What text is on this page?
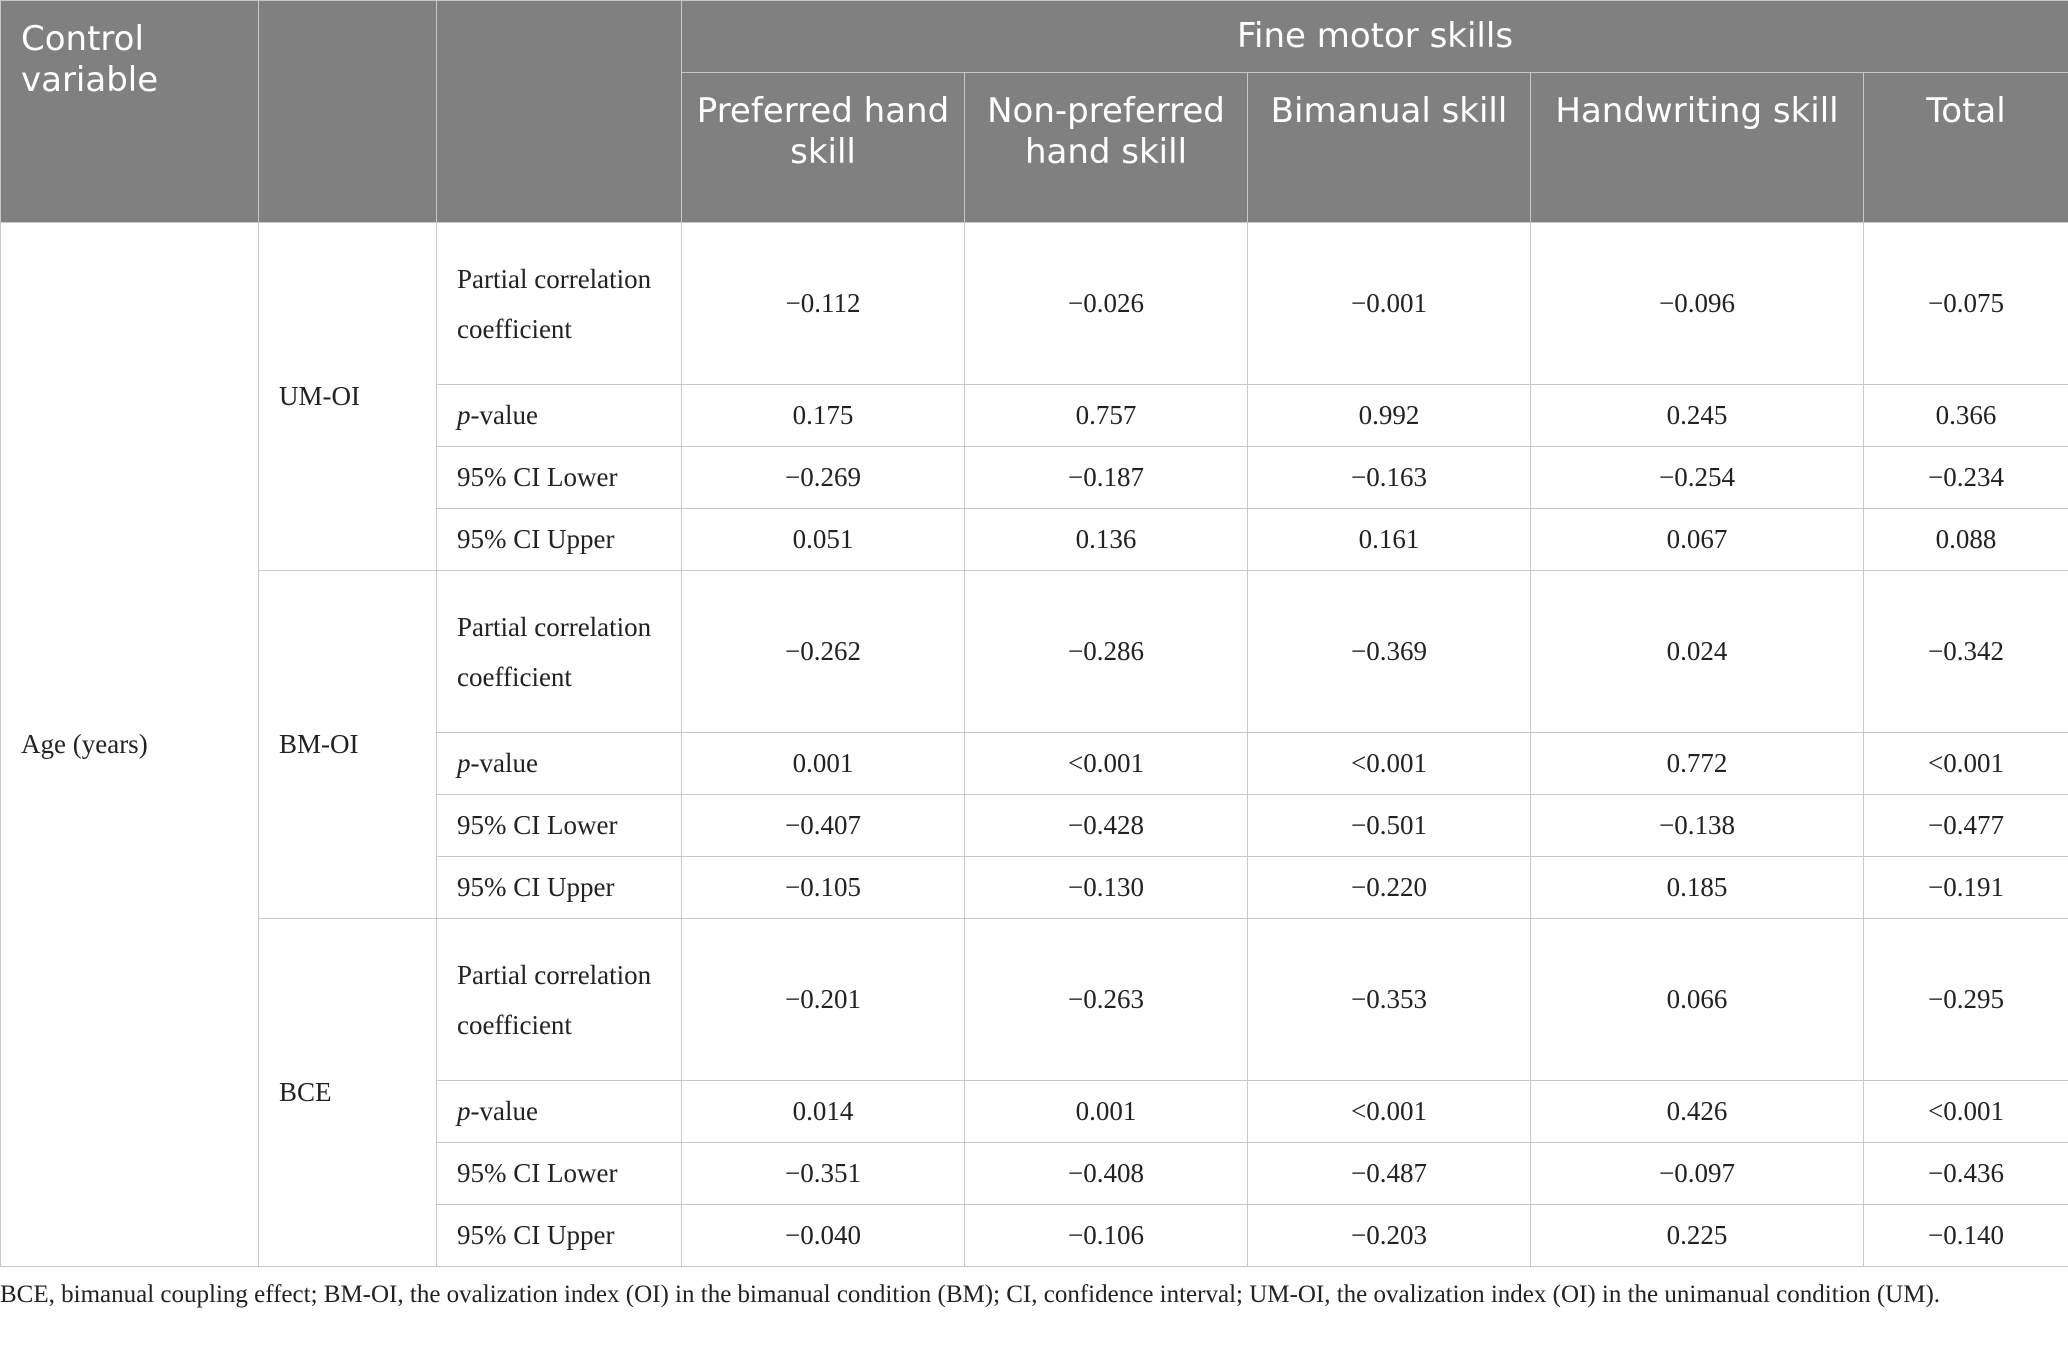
Control variable			Fine motor skills				
			Preferred hand skill	Non-preferred hand skill	Bimanual skill	Handwriting skill	Total
Age (years)	UM-OI	Partial correlation coefficient	−0.112	−0.026	−0.001	−0.096	−0.075
		p-value	0.175	0.757	0.992	0.245	0.366
		95% CI Lower	−0.269	−0.187	−0.163	−0.254	−0.234
		95% CI Upper	0.051	0.136	0.161	0.067	0.088
	BM-OI	Partial correlation coefficient	−0.262	−0.286	−0.369	0.024	−0.342
		p-value	0.001	<0.001	<0.001	0.772	<0.001
		95% CI Lower	−0.407	−0.428	−0.501	−0.138	−0.477
		95% CI Upper	−0.105	−0.130	−0.220	0.185	−0.191
	BCE	Partial correlation coefficient	−0.201	−0.263	−0.353	0.066	−0.295
		p-value	0.014	0.001	<0.001	0.426	<0.001
		95% CI Lower	−0.351	−0.408	−0.487	−0.097	−0.436
		95% CI Upper	−0.040	−0.106	−0.203	0.225	−0.140
BCE, bimanual coupling effect; BM-OI, the ovalization index (OI) in the bimanual condition (BM); CI, confidence interval; UM-OI, the ovalization index (OI) in the unimanual condition (UM).
